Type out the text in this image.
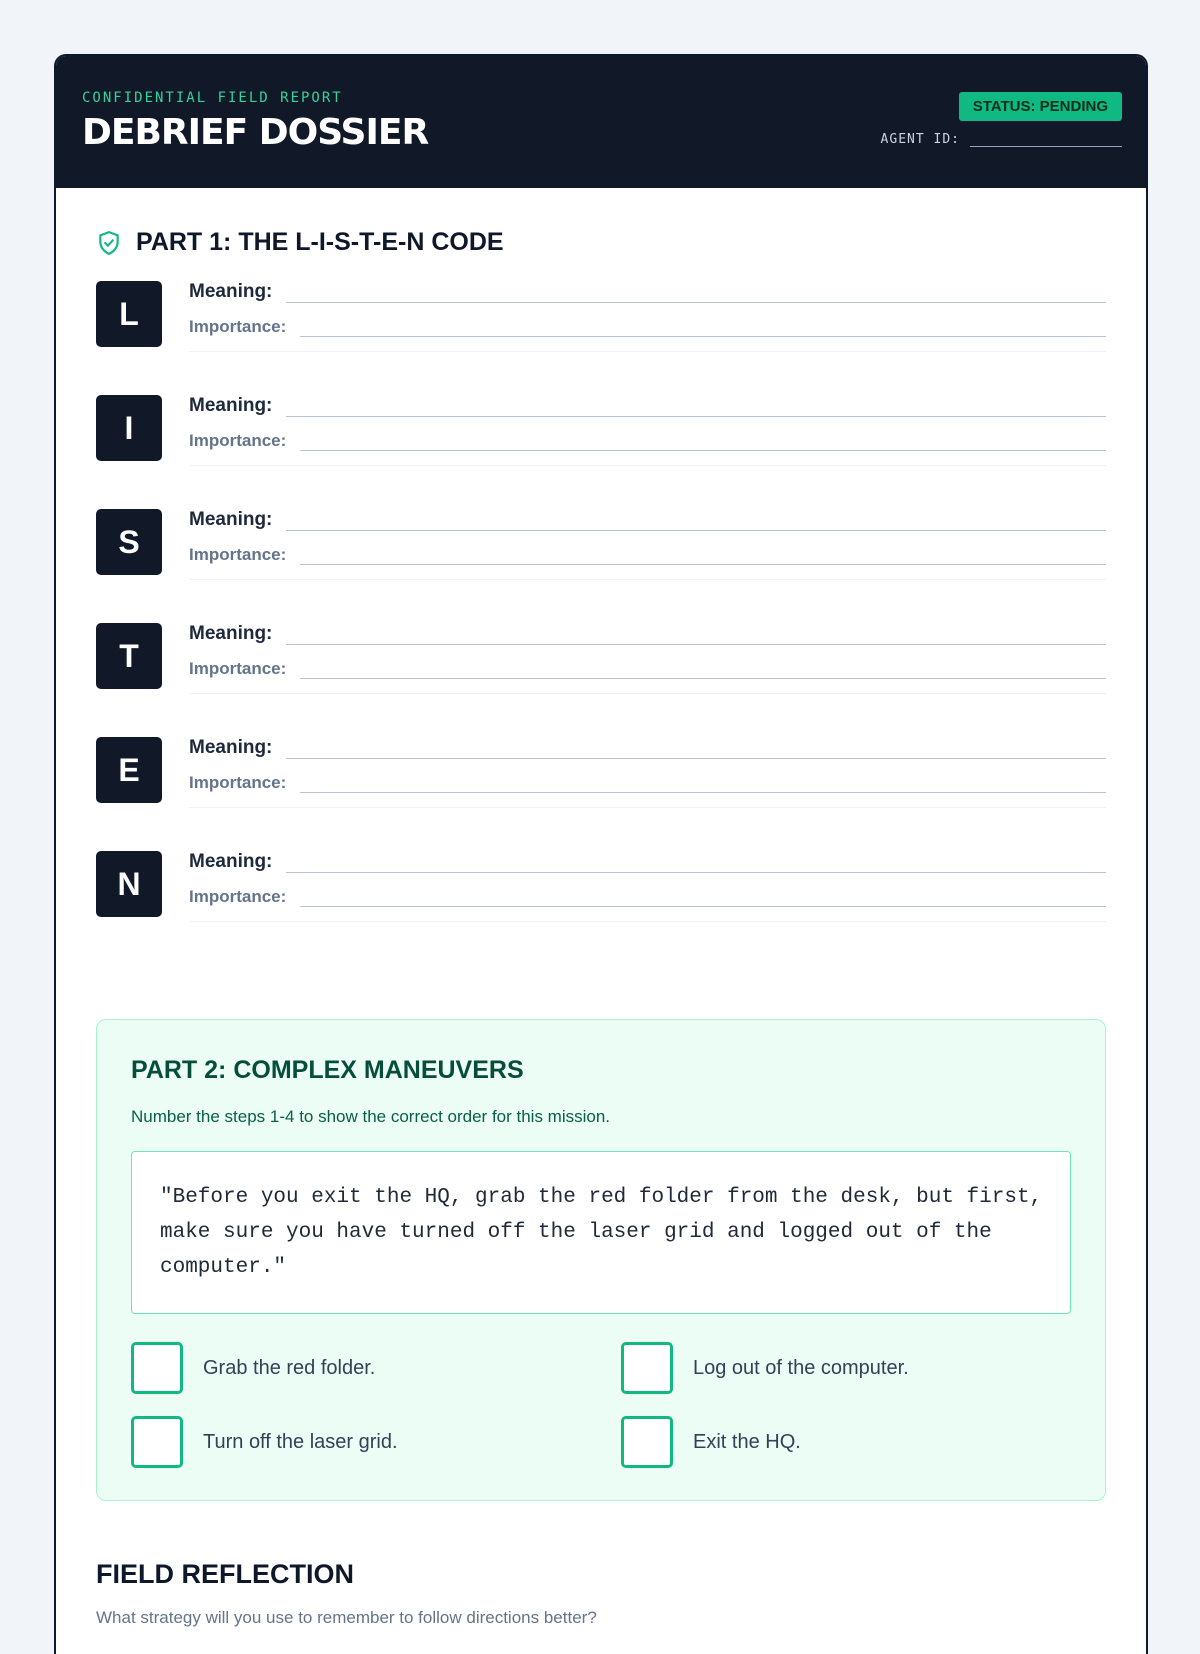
CONFIDENTIAL FIELD REPORT
DEBRIEF DOSSIER
STATUS: PENDING
AGENT ID:
PART 1: THE L-I-S-T-E-N CODE
L
Meaning:
Importance:
I
Meaning:
Importance:
S
Meaning:
Importance:
T
Meaning:
Importance:
E
Meaning:
Importance:
N
Meaning:
Importance:
PART 2: COMPLEX MANEUVERS
Number the steps 1-4 to show the correct order for this mission.
"Before you exit the HQ, grab the red folder from the desk, but first, make sure you have turned off the laser grid and logged out of the computer."
Grab the red folder.	Log out of the computer.
Turn off the laser grid.	Exit the HQ.
FIELD REFLECTION
What strategy will you use to remember to follow directions better?
